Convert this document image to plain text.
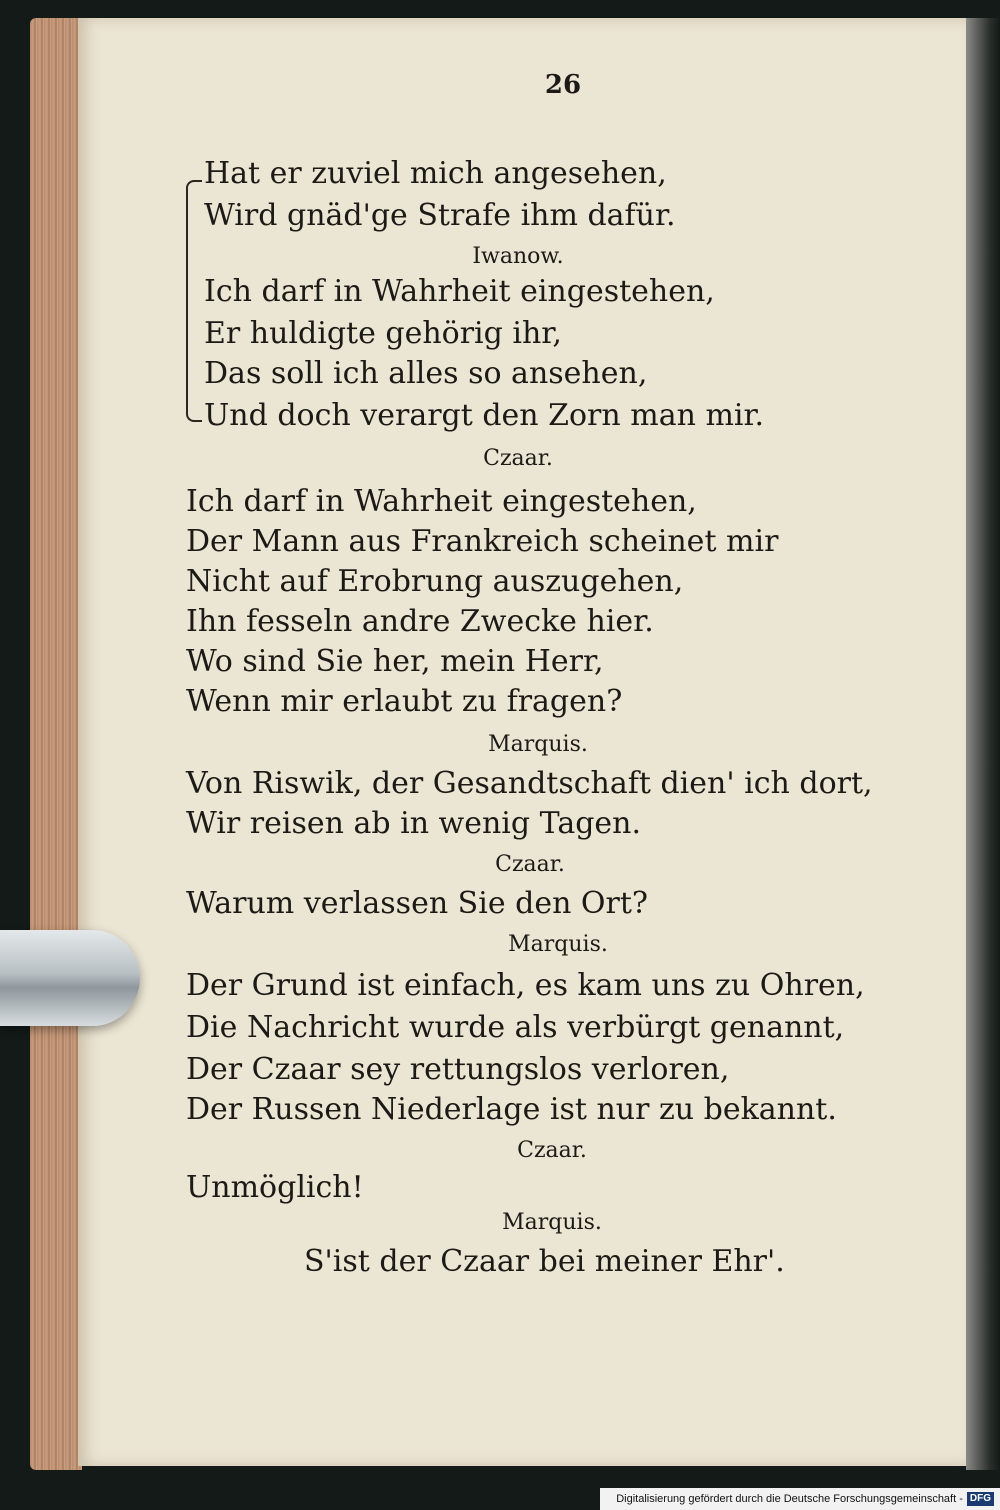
26
Hat er zuviel mich angesehen,
Wird gnäd'ge Strafe ihm dafür.
Iwanow.
Ich darf in Wahrheit eingestehen,
Er huldigte gehörig ihr,
Das soll ich alles so ansehen,
Und doch verargt den Zorn man mir.
Czaar.
Ich darf in Wahrheit eingestehen,
Der Mann aus Frankreich scheinet mir
Nicht auf Erobrung auszugehen,
Ihn fesseln andre Zwecke hier.
Wo sind Sie her, mein Herr,
Wenn mir erlaubt zu fragen?
Marquis.
Von Riswik, der Gesandtschaft dien' ich dort,
Wir reisen ab in wenig Tagen.
Czaar.
Warum verlassen Sie den Ort?
Marquis.
Der Grund ist einfach, es kam uns zu Ohren,
Die Nachricht wurde als verbürgt genannt,
Der Czaar sey rettungslos verloren,
Der Russen Niederlage ist nur zu bekannt.
Czaar.
Unmöglich!
Marquis.
S'ist der Czaar bei meiner Ehr'.
Digitalisierung gefördert durch die Deutsche Forschungsgemeinschaft - DFG
